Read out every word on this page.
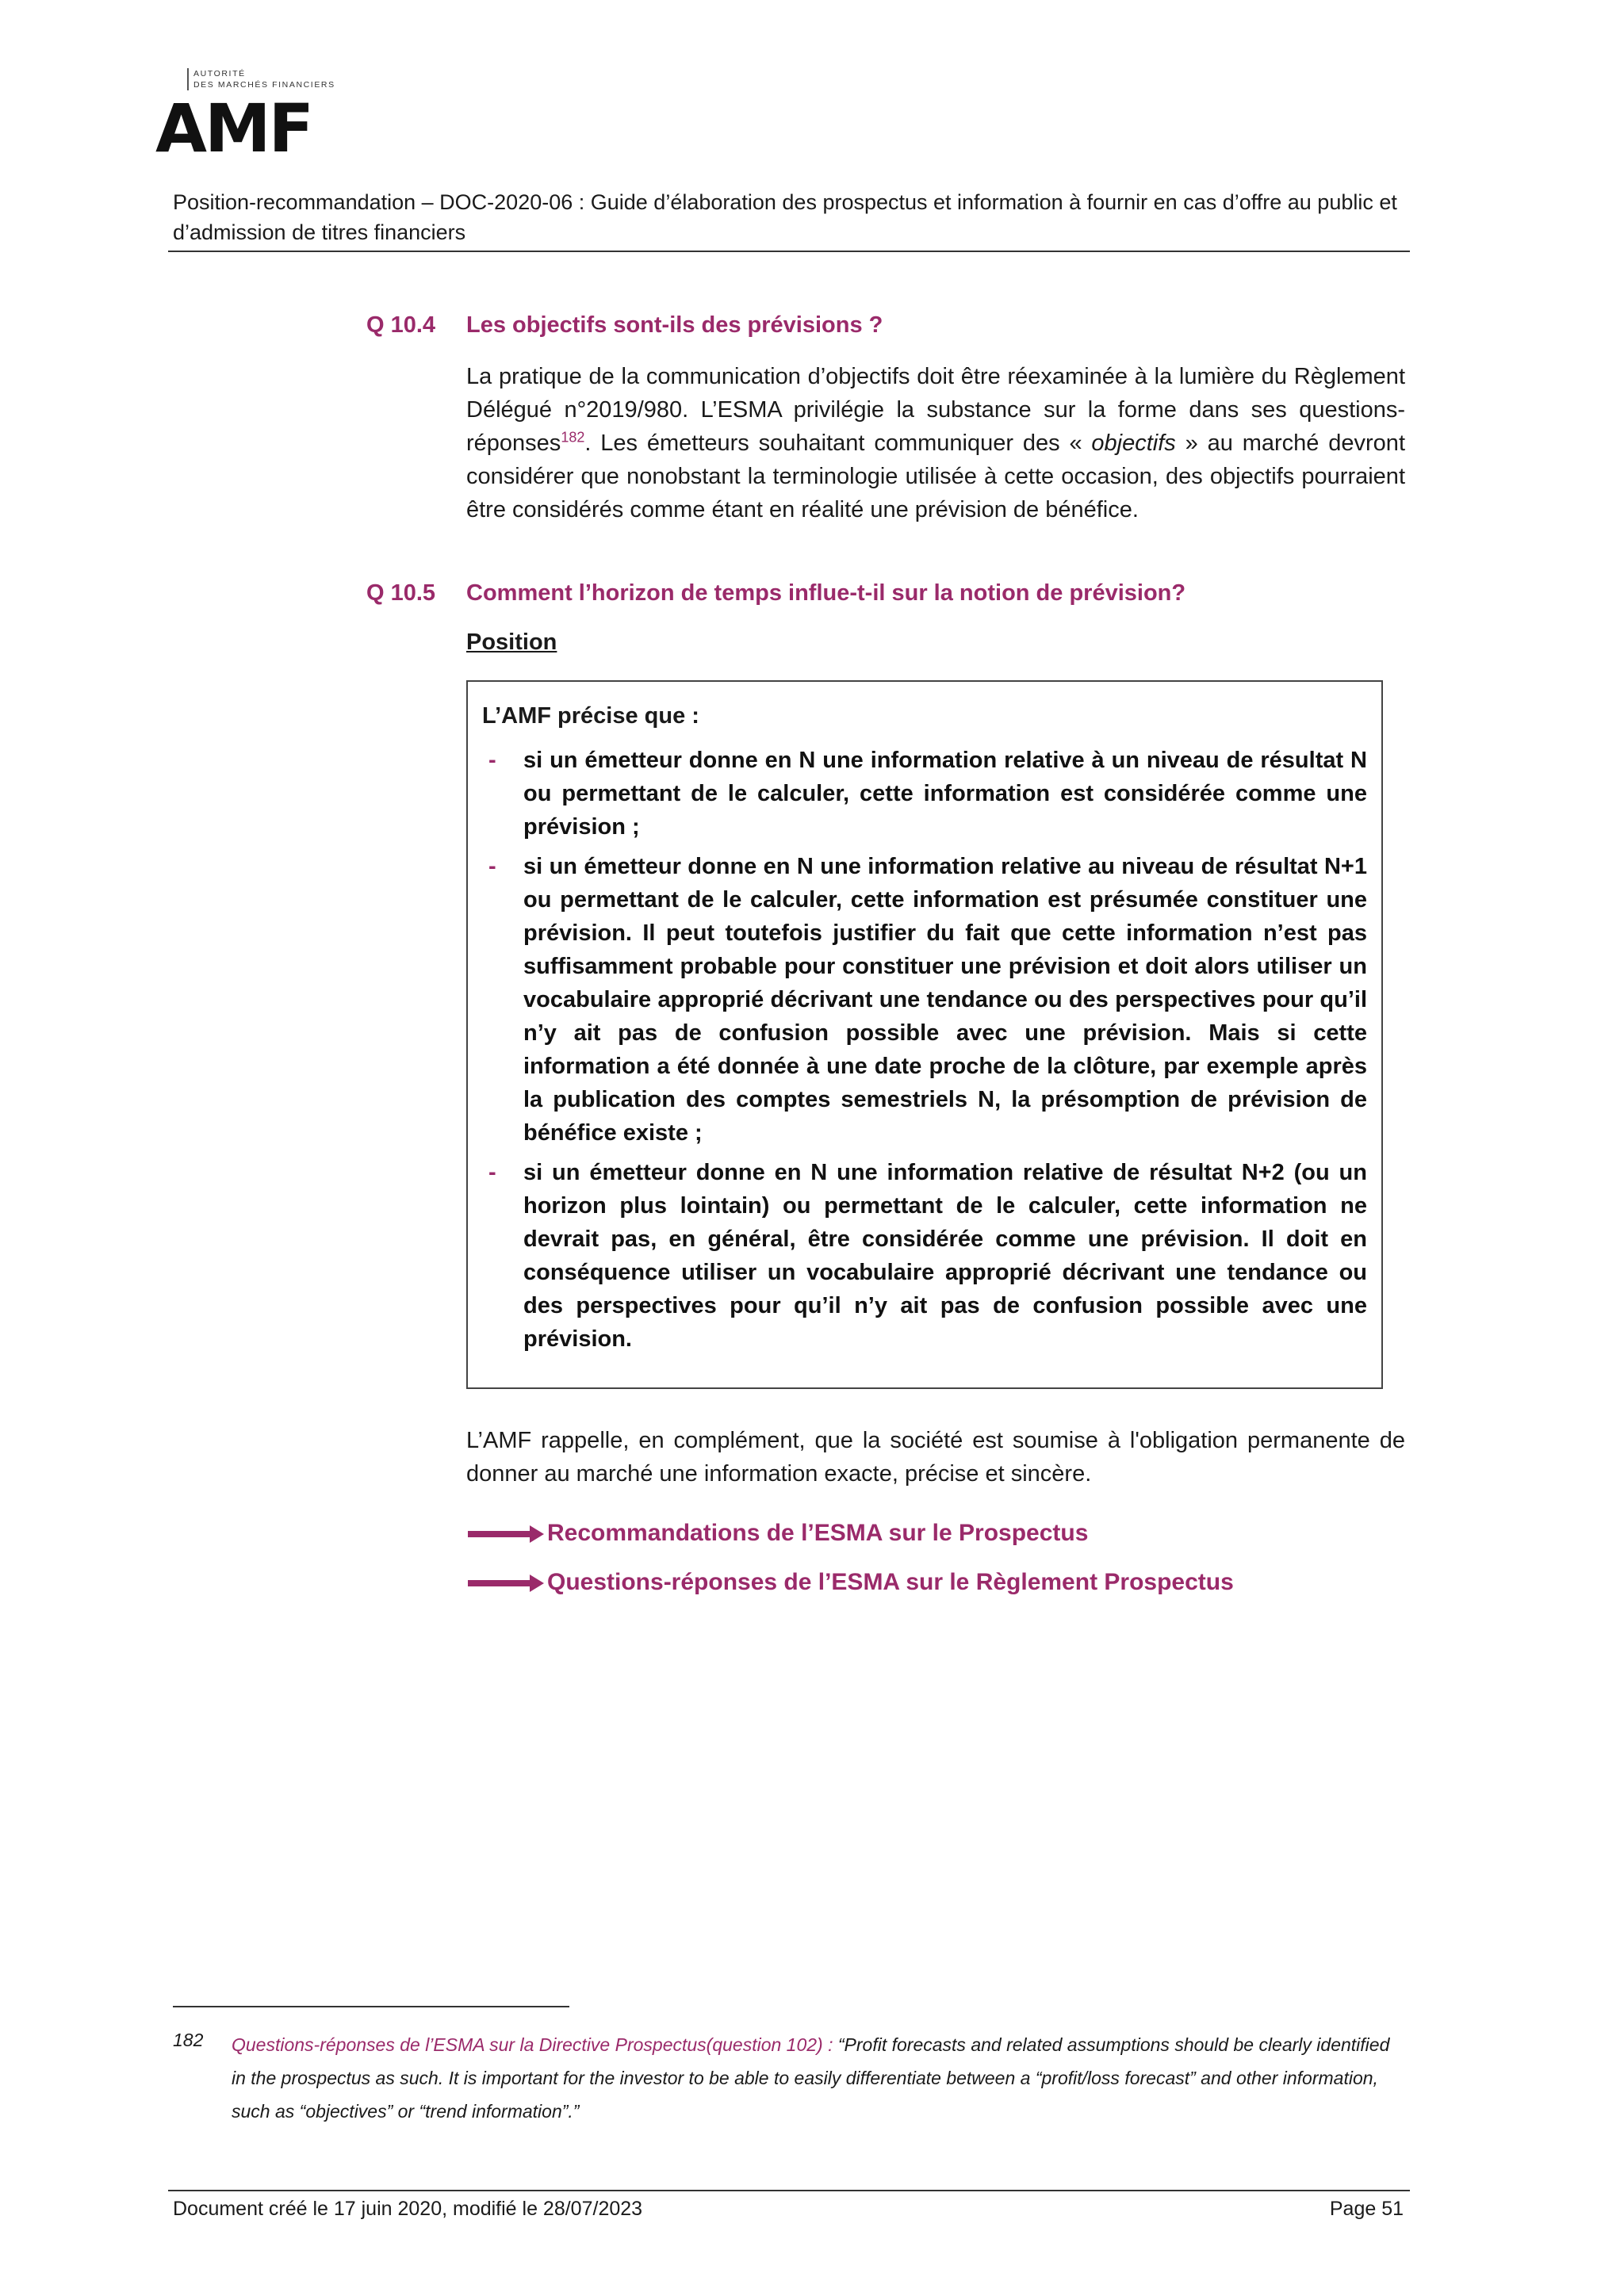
AUTORITÉ
DES MARCHÉS FINANCIERS
AMF
Position-recommandation – DOC-2020-06 : Guide d’élaboration des prospectus et information à fournir en cas d’offre au public et d’admission de titres financiers
Q 10.4 Les objectifs sont-ils des prévisions ?
La pratique de la communication d’objectifs doit être réexaminée à la lumière du Règlement Délégué n°2019/980. L’ESMA privilégie la substance sur la forme dans ses questions-réponses$^{182}$. Les émetteurs souhaitant communiquer des « objectifs » au marché devront considérer que nonobstant la terminologie utilisée à cette occasion, des objectifs pourraient être considérés comme étant en réalité une prévision de bénéfice.
Q 10.5 Comment l’horizon de temps influe-t-il sur la notion de prévision?
Position
L’AMF précise que :
- si un émetteur donne en N une information relative à un niveau de résultat N ou permettant de le calculer, cette information est considérée comme une prévision ;
- si un émetteur donne en N une information relative au niveau de résultat N+1 ou permettant de le calculer, cette information est présumée constituer une prévision. Il peut toutefois justifier du fait que cette information n’est pas suffisamment probable pour constituer une prévision et doit alors utiliser un vocabulaire approprié décrivant une tendance ou des perspectives pour qu’il n’y ait pas de confusion possible avec une prévision. Mais si cette information a été donnée à une date proche de la clôture, par exemple après la publication des comptes semestriels N, la présomption de prévision de bénéfice existe ;
- si un émetteur donne en N une information relative de résultat N+2 (ou un horizon plus lointain) ou permettant de le calculer, cette information ne devrait pas, en général, être considérée comme une prévision. Il doit en conséquence utiliser un vocabulaire approprié décrivant une tendance ou des perspectives pour qu’il n’y ait pas de confusion possible avec une prévision.
L’AMF rappelle, en complément, que la société est soumise à l'obligation permanente de donner au marché une information exacte, précise et sincère.
Recommandations de l’ESMA sur le Prospectus
Questions-réponses de l’ESMA sur le Règlement Prospectus
182 Questions-réponses de l’ESMA sur la Directive Prospectus(question 102) : “Profit forecasts and related assumptions should be clearly identified in the prospectus as such. It is important for the investor to be able to easily differentiate between a “profit/loss forecast” and other information, such as “objectives” or “trend information”.”
Document créé le 17 juin 2020, modifié le 28/07/2023	Page 51
